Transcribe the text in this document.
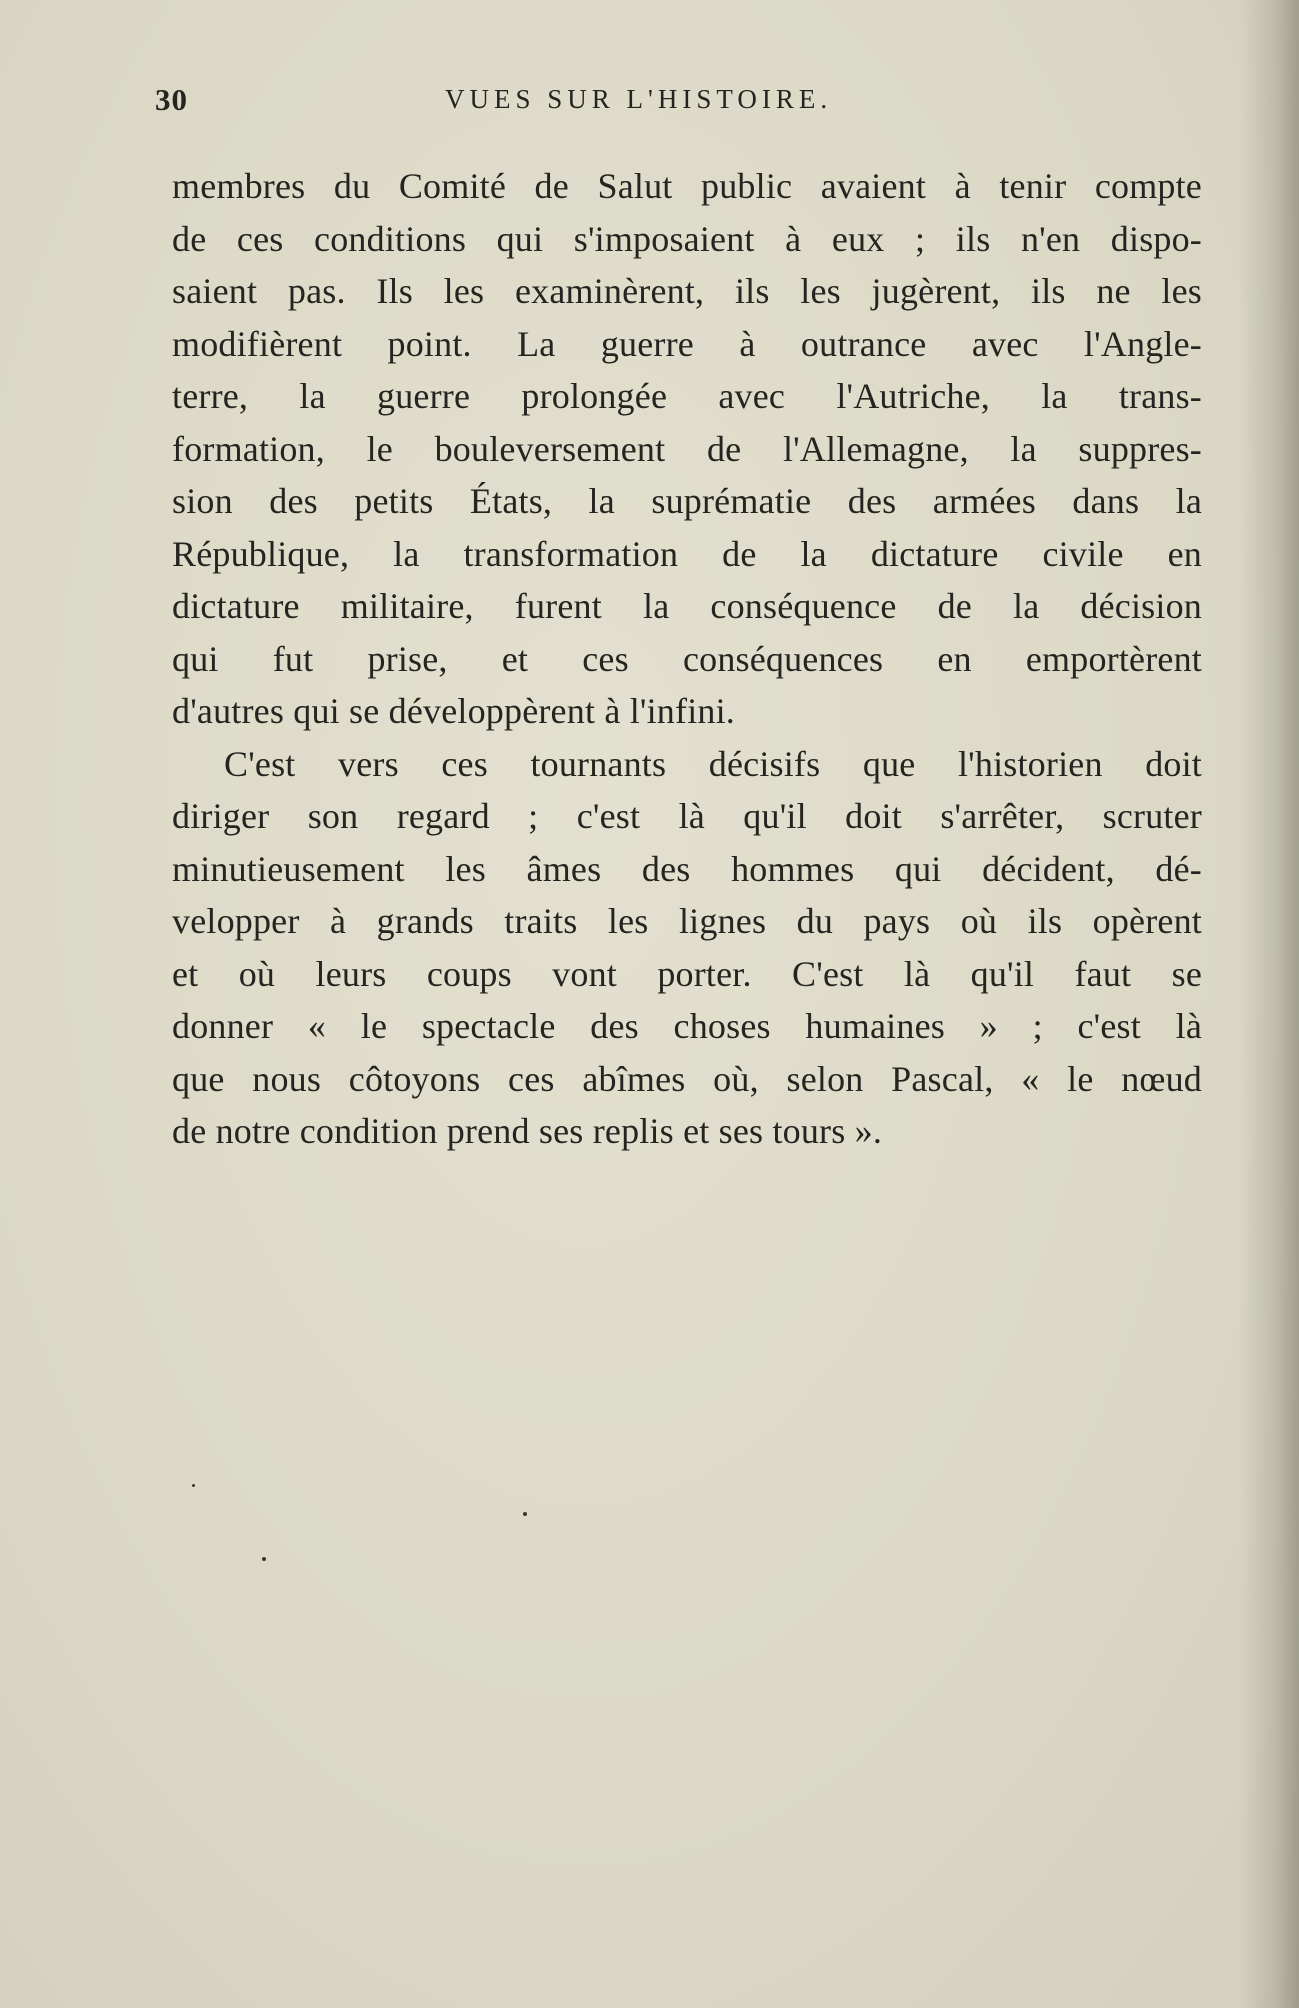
30	VUES SUR L'HISTOIRE.
membres du Comité de Salut public avaient à tenir compte
de ces conditions qui s'imposaient à eux ; ils n'en dispo-
saient pas. Ils les examinèrent, ils les jugèrent, ils ne les
modifièrent point. La guerre à outrance avec l'Angle-
terre, la guerre prolongée avec l'Autriche, la trans-
formation, le bouleversement de l'Allemagne, la suppres-
sion des petits États, la suprématie des armées dans la
République, la transformation de la dictature civile en
dictature militaire, furent la conséquence de la décision
qui fut prise, et ces conséquences en emportèrent
d'autres qui se développèrent à l'infini.
C'est vers ces tournants décisifs que l'historien doit
diriger son regard ; c'est là qu'il doit s'arrêter, scruter
minutieusement les âmes des hommes qui décident, dé-
velopper à grands traits les lignes du pays où ils opèrent
et où leurs coups vont porter. C'est là qu'il faut se
donner « le spectacle des choses humaines » ; c'est là
que nous côtoyons ces abîmes où, selon Pascal, « le nœud
de notre condition prend ses replis et ses tours ».
